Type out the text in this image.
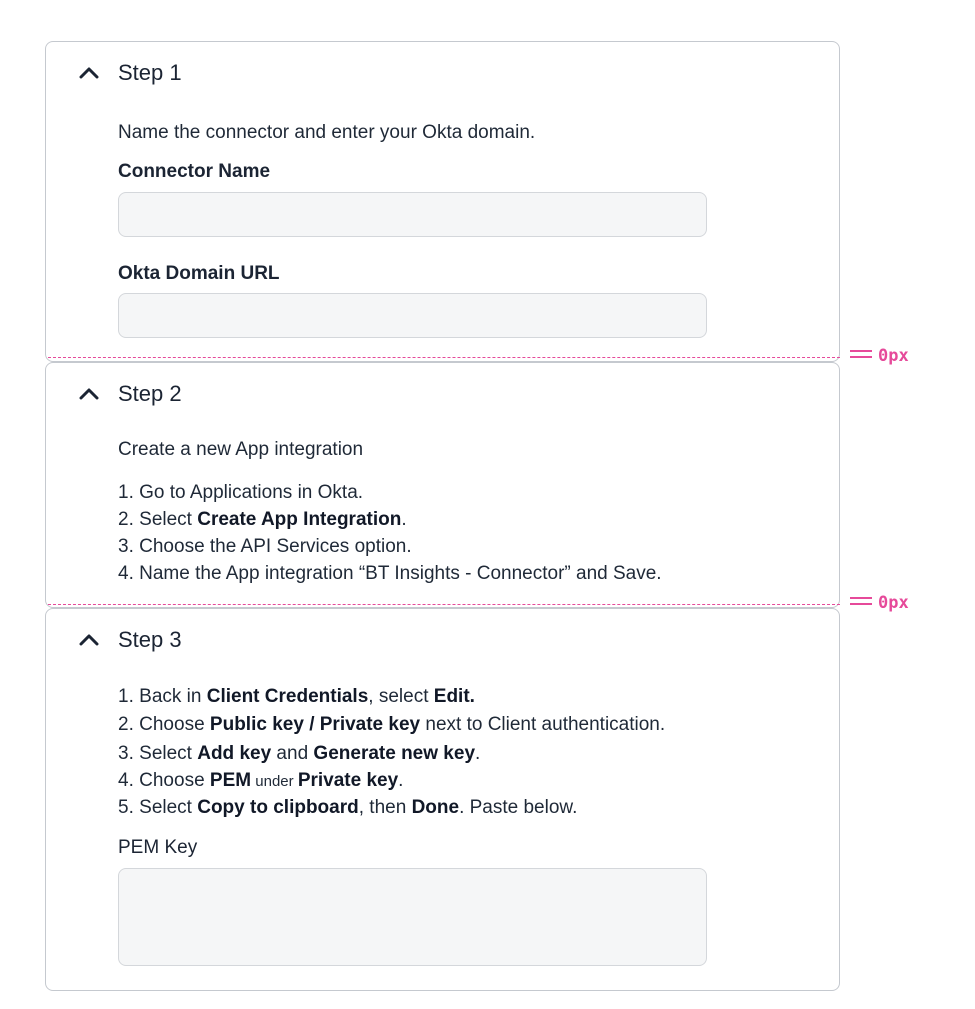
Step 1

Name the connector and enter your Okta domain.

Connector Name
Okta Domain URL
Step 2

Create a new App integration

1. Go to Applications in Okta.
2. Select Create App Integration.
3. Choose the API Services option.
4. Name the App integration “BT Insights - Connector” and Save.
Step 3
1. Back in Client Credentials, select Edit.
2. Choose Public key / Private key next to Client authentication.
3. Select Add key and Generate new key.
4. Choose PEM under Private key.
5. Select Copy to clipboard, then Done. Paste below.
PEM Key
0px
0px
